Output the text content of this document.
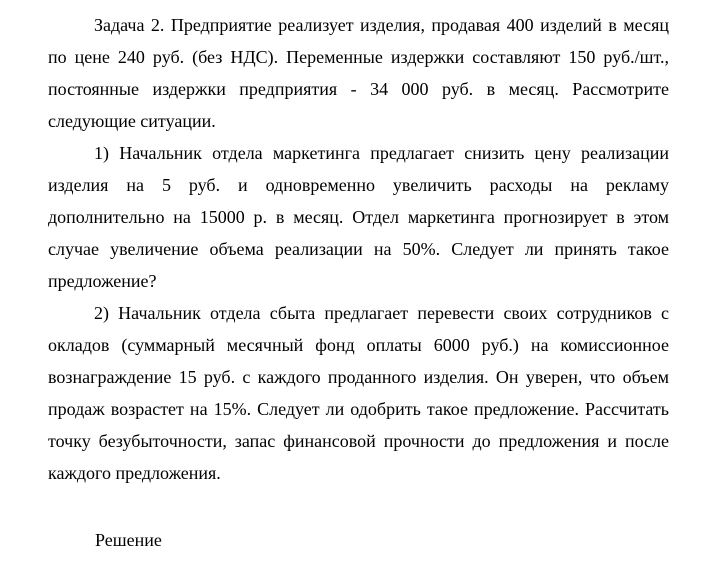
Задача 2. Предприятие реализует изделия, продавая 400 изделий в месяц по цене 240 руб. (без НДС). Переменные издержки составляют 150 руб./шт., постоянные издержки предприятия - 34 000 руб. в месяц. Рассмотрите следующие ситуации.

1) Начальник отдела маркетинга предлагает снизить цену реализации изделия на 5 руб. и одновременно увеличить расходы на рекламу дополнительно на 15000 р. в месяц. Отдел маркетинга прогнозирует в этом случае увеличение объема реализации на 50%. Следует ли принять такое предложение?

2) Начальник отдела сбыта предлагает перевести своих сотрудников с окладов (суммарный месячный фонд оплаты 6000 руб.) на комиссионное вознаграждение 15 руб. с каждого проданного изделия. Он уверен, что объем продаж возрастет на 15%. Следует ли одобрить такое предложение. Рассчитать точку безубыточности, запас финансовой прочности до предложения и после каждого предложения.

Решение
